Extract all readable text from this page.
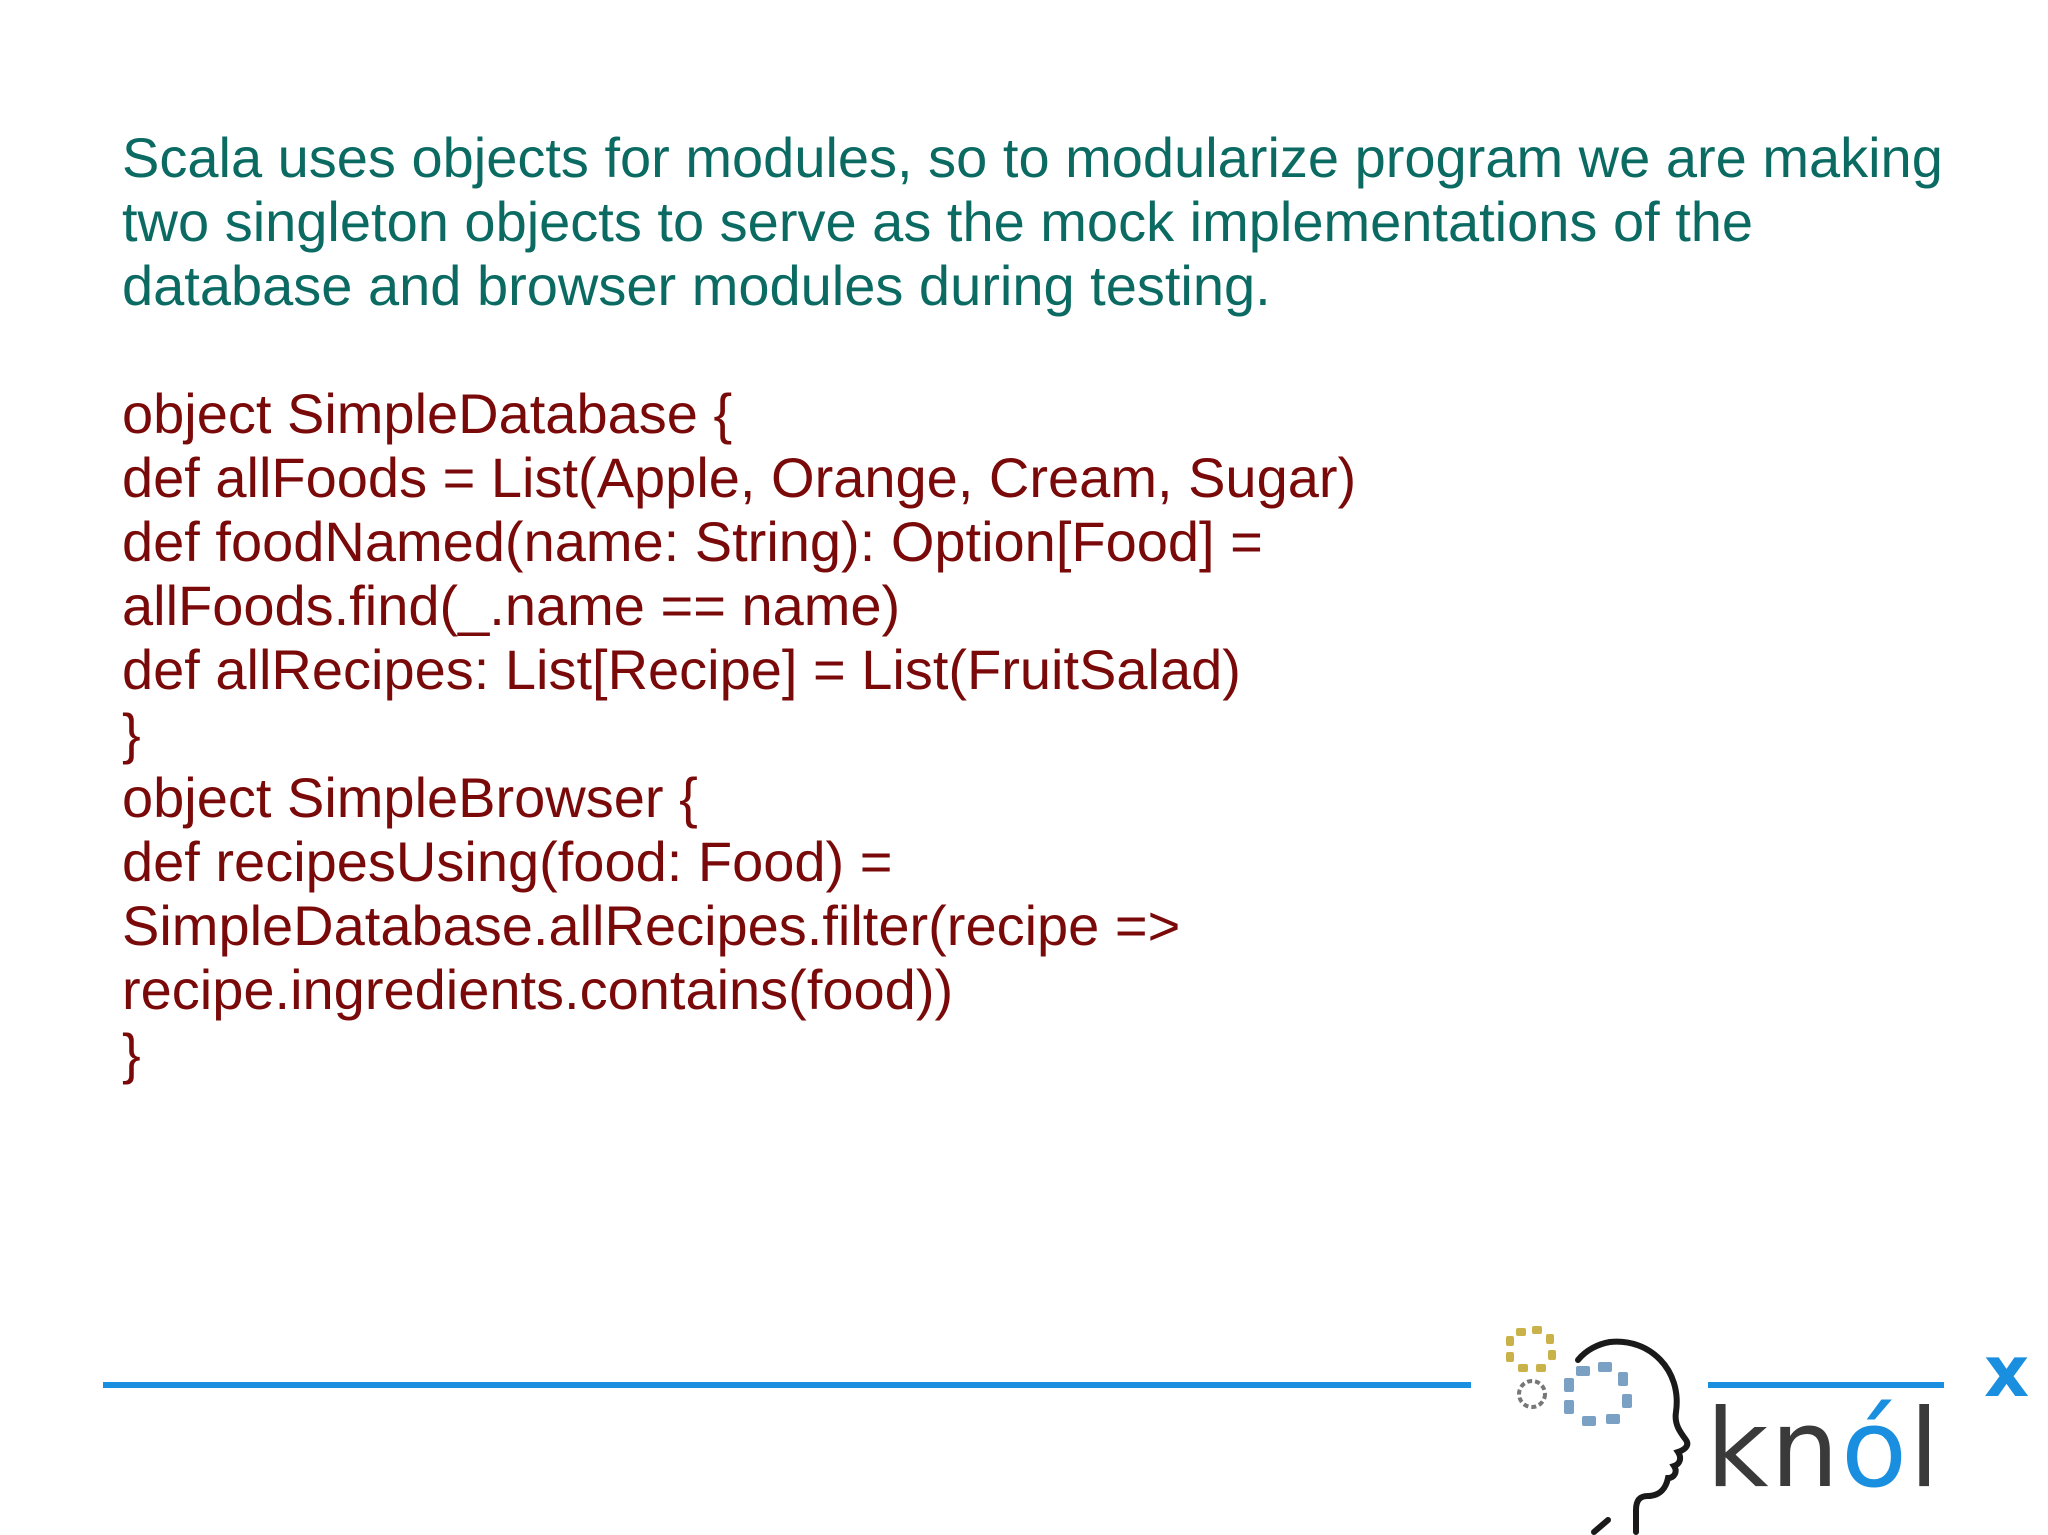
Scala uses objects for modules, so to modularize program we are making
two singleton objects to serve as the mock implementations of the
database and browser modules during testing.
object SimpleDatabase {
def allFoods = List(Apple, Orange, Cream, Sugar)
def foodNamed(name: String): Option[Food] =
allFoods.find(_.name == name)
def allRecipes: List[Recipe] = List(FruitSalad)
}
object SimpleBrowser {
def recipesUsing(food: Food) =
SimpleDatabase.allRecipes.filter(recipe =>
recipe.ingredients.contains(food))
}
knól
x
